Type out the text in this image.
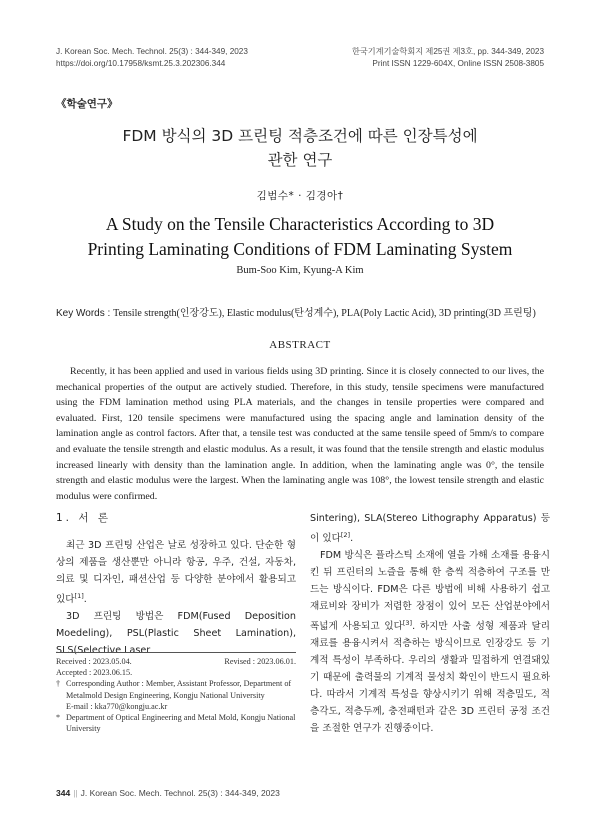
J. Korean Soc. Mech. Technol. 25(3) : 344-349, 2023
https://doi.org/10.17958/ksmt.25.3.202306.344
한국기계기술학회지 제25권 제3호, pp. 344-349, 2023
Print ISSN 1229-604X, Online ISSN 2508-3805
《학술연구》
FDM 방식의 3D 프린팅 적층조건에 따른 인장특성에
관한 연구
김범수* · 김경아†
A Study on the Tensile Characteristics According to 3D
Printing Laminating Conditions of FDM Laminating System
Bum-Soo Kim, Kyung-A Kim
Key Words : Tensile strength(인장강도), Elastic modulus(탄성계수), PLA(Poly Lactic Acid), 3D printing(3D 프린팅)
ABSTRACT

Recently, it has been applied and used in various fields using 3D printing. Since it is closely connected to our lives, the mechanical properties of the output are actively studied. Therefore, in this study, tensile specimens were manufactured using the FDM lamination method using PLA materials, and the changes in tensile properties were compared and evaluated. First, 120 tensile specimens were manufactured using the spacing angle and lamination density of the lamination angle as control factors. After that, a tensile test was conducted at the same tensile speed of 5mm/s to compare and evaluate the tensile strength and elastic modulus. As a result, it was found that the tensile strength and elastic modulus increased linearly with density than the lamination angle. In addition, when the laminating angle was 0°, the tensile strength and elastic modulus were the largest. When the laminating angle was 108°, the lowest tensile strength and elastic modulus were confirmed.

1. 서 론

최근 3D 프린팅 산업은 날로 성장하고 있다. 단순한 형상의 제품을 생산뿐만 아니라 항공, 우주, 건설, 자동차, 의료 및 디자인, 패션산업 등 다양한 분야에서 활용되고 있다[1].

3D 프린팅 방법은 FDM(Fused Deposition Moedeling), PSL(Plastic Sheet Lamination), SLS(Selective Laser

Sintering), SLA(Stereo Lithography Apparatus) 등이 있다[2].

FDM 방식은 플라스틱 소재에 열을 가해 소재를 용융시킨 뒤 프린터의 노즐을 통해 한 층씩 적층하여 구조를 만드는 방식이다. FDM은 다른 방법에 비해 사용하기 쉽고 재료비와 장비가 저렴한 장점이 있어 모든 산업분야에서 폭넓게 사용되고 있다[3]. 하지만 사출 성형 제품과 달리 재료를 용융시켜서 적층하는 방식이므로 인장강도 등 기계적 특성이 부족하다. 우리의 생활과 밀접하게 연결돼있기 때문에 출력물의 기계적 물성치 확인이 반드시 필요하다. 따라서 기계적 특성을 향상시키기 위해 적층밀도, 적층각도, 적층두께, 충전패턴과 같은 3D 프린터 공정 조건을 조절한 연구가 진행중이다.

Received : 2023.05.04.	Revised : 2023.06.01.
Accepted : 2023.06.15.
† Corresponding Author : Member, Assistant Professor, Department of Metalmold Design Engineering, Kongju National University
E-mail : kka770@kongju.ac.kr
* Department of Optical Engineering and Metal Mold, Kongju National University
344 || J. Korean Soc. Mech. Technol. 25(3) : 344-349, 2023
